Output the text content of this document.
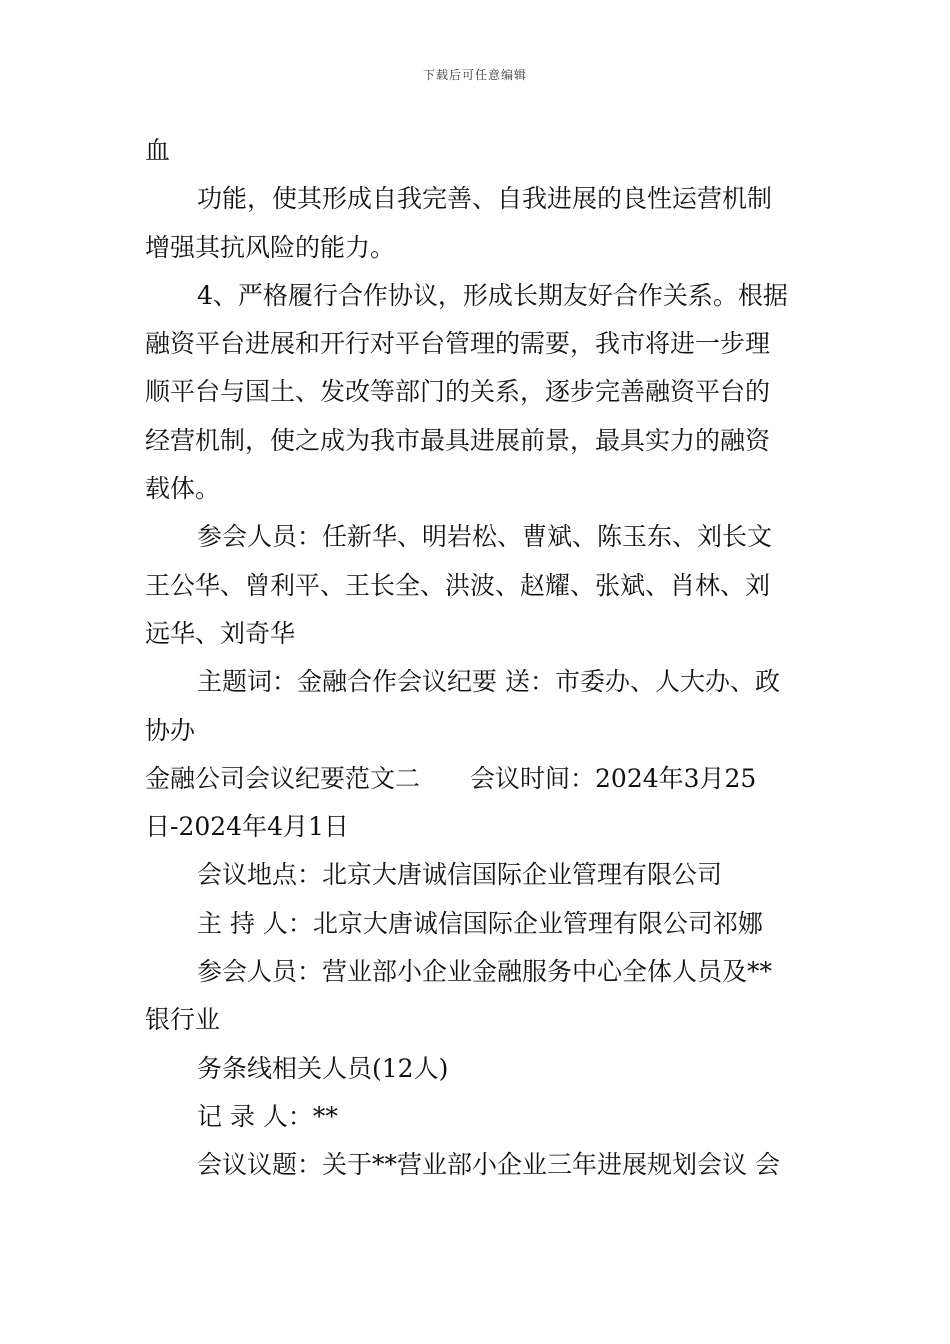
下载后可任意编辑
血
功能，使其形成自我完善、自我进展的良性运营机制
增强其抗风险的能力。
4、严格履行合作协议，形成长期友好合作关系。根据
融资平台进展和开行对平台管理的需要，我市将进一步理
顺平台与国土、发改等部门的关系，逐步完善融资平台的
经营机制，使之成为我市最具进展前景，最具实力的融资
载体。
参会人员：任新华、明岩松、曹斌、陈玉东、刘长文
王公华、曾利平、王长全、洪波、赵耀、张斌、肖林、刘
远华、刘奇华
主题词：金融合作会议纪要 送：市委办、人大办、政
协办
金融公司会议纪要范文二　　会议时间：2024年3月25
日-2024年4月1日
会议地点：北京大唐诚信国际企业管理有限公司
主 持 人：北京大唐诚信国际企业管理有限公司祁娜
参会人员：营业部小企业金融服务中心全体人员及**
银行业
务条线相关人员(12人)
记 录 人：**
会议议题：关于**营业部小企业三年进展规划会议 会
